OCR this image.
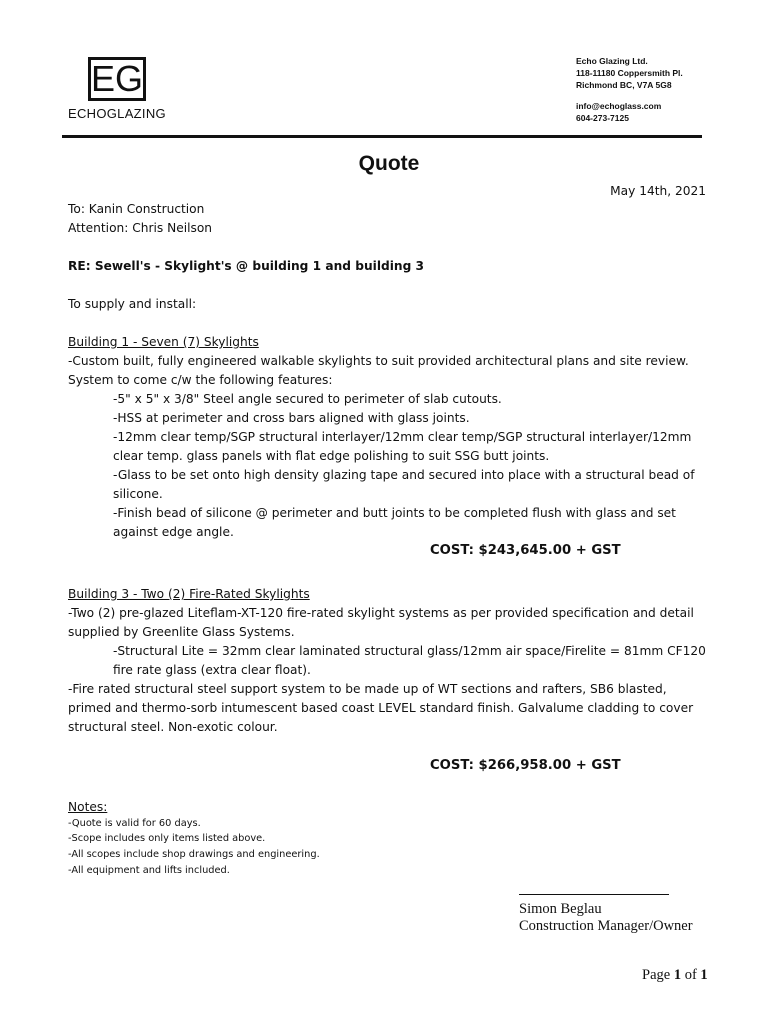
EG
ECHOGLAZING
Echo Glazing Ltd.
118-11180 Coppersmith Pl.
Richmond BC, V7A 5G8
info@echoglass.com
604-273-7125
Quote
May 14th, 2021
To: Kanin Construction
Attention: Chris Neilson
RE: Sewell's - Skylight's @ building 1 and building 3
To supply and install:
Building 1 - Seven (7) Skylights
-Custom built, fully engineered walkable skylights to suit provided architectural plans and site review.
System to come c/w the following features:
-5" x 5" x 3/8" Steel angle secured to perimeter of slab cutouts.
-HSS at perimeter and cross bars aligned with glass joints.
-12mm clear temp/SGP structural interlayer/12mm clear temp/SGP structural interlayer/12mm
clear temp. glass panels with flat edge polishing to suit SSG butt joints.
-Glass to be set onto high density glazing tape and secured into place with a structural bead of
silicone.
-Finish bead of silicone @ perimeter and butt joints to be completed flush with glass and set
against edge angle.
COST: $243,645.00 + GST
Building 3 - Two (2) Fire-Rated Skylights
-Two (2) pre-glazed Liteflam-XT-120 fire-rated skylight systems as per provided specification and detail
supplied by Greenlite Glass Systems.
-Structural Lite = 32mm clear laminated structural glass/12mm air space/Firelite = 81mm CF120
fire rate glass (extra clear float).
-Fire rated structural steel support system to be made up of WT sections and rafters, SB6 blasted,
primed and thermo-sorb intumescent based coast LEVEL standard finish. Galvalume cladding to cover
structural steel. Non-exotic colour.
COST: $266,958.00 + GST
Notes:
-Quote is valid for 60 days.
-Scope includes only items listed above.
-All scopes include shop drawings and engineering.
-All equipment and lifts included.
Simon Beglau
Construction Manager/Owner
Page 1 of 1
